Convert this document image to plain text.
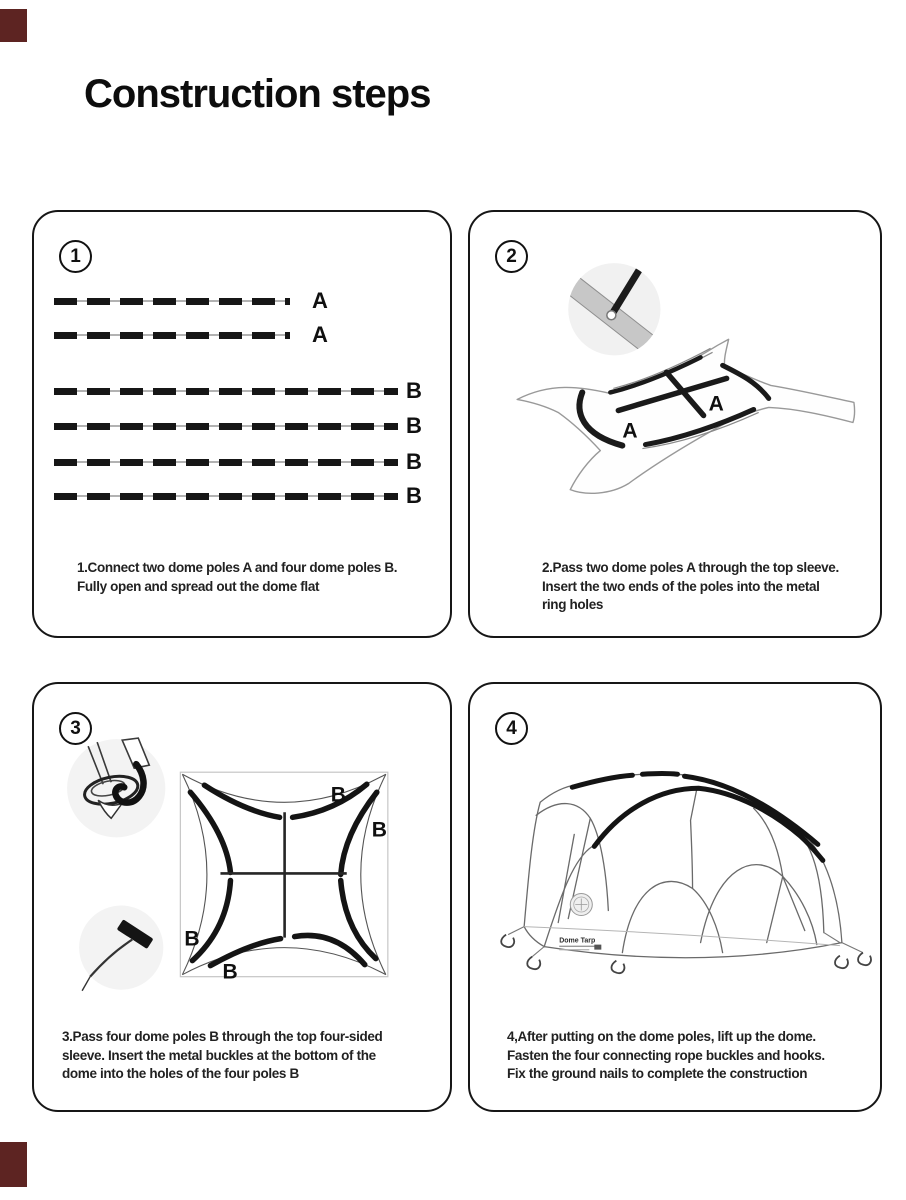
Construction steps
1
A
A
B
B
B
B
1.Connect two dome poles A and four dome poles B.
Fully open and spread out the dome flat
2
A
A
2.Pass two dome poles A through the top sleeve.
Insert the two ends of the poles into the metal
ring holes
3
B
B
B
B
3.Pass four dome poles B through the top four-sided
sleeve. Insert the metal buckles at the bottom of the
dome into the holes of the four poles B
4
Dome Tarp
4,After putting on the dome poles, lift up the dome.
Fasten the four connecting rope buckles and hooks.
Fix the ground nails to complete the construction
